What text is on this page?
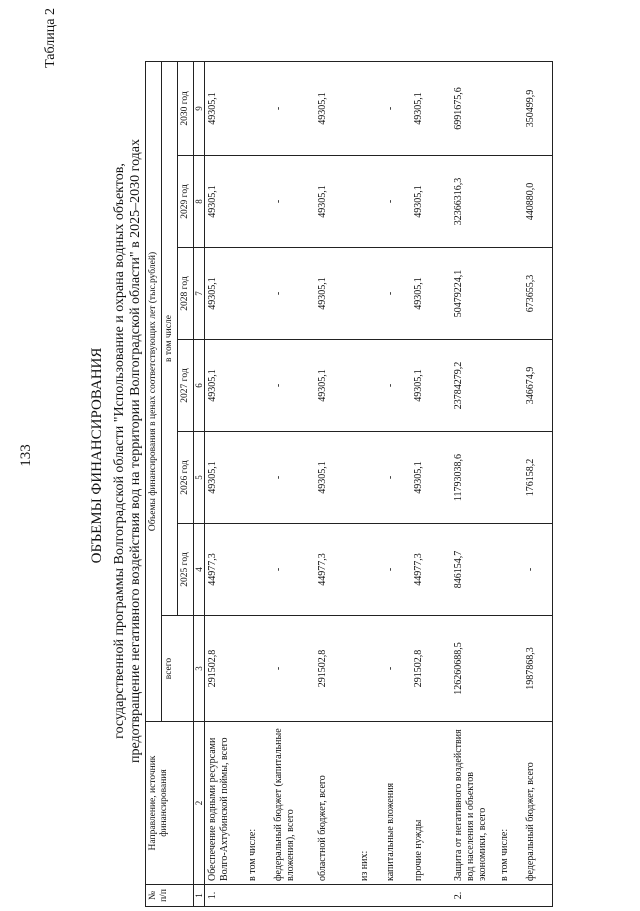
133
Таблица 2
ОБЪЕМЫ ФИНАНСИРОВАНИЯ государственной программы Волгоградской области "Использование и охрана водных объектов, предотвращение негативного воздействия вод на территории Волгоградской области" в 2025–2030 годах
№ п/п	Направление, источник финансирования	Объемы финансирования в ценах соответствующих лет (тыс.рублей)						
		всего	в том числе					
			2025 год	2026 год	2027 год	2028 год	2029 год	2030 год
1	2	3	4	5	6	7	8	9
1.	Обеспечение водными ресурсами Волго-Ахтубинской поймы, всего	291502,8	44977,3	49305,1	49305,1	49305,1	49305,1	49305,1
	в том числе:							
	федеральный бюджет (капитальные вложения), всего	-	-	-	-	-	-	-
	областной бюджет, всего	291502,8	44977,3	49305,1	49305,1	49305,1	49305,1	49305,1
	из них:							
	капитальные вложения	-	-	-	-	-	-	-
	прочие нужды	291502,8	44977,3	49305,1	49305,1	49305,1	49305,1	49305,1
2.	Защита от негативного воздействия вод населения и объектов экономики, всего	126260688,5	846154,7	11793038,6	23784279,2	50479224,1	32366316,3	6991675,6
	в том числе:							
	федеральный бюджет, всего	1987868,3	-	176158,2	346674,9	673655,3	440880,0	350499,9
